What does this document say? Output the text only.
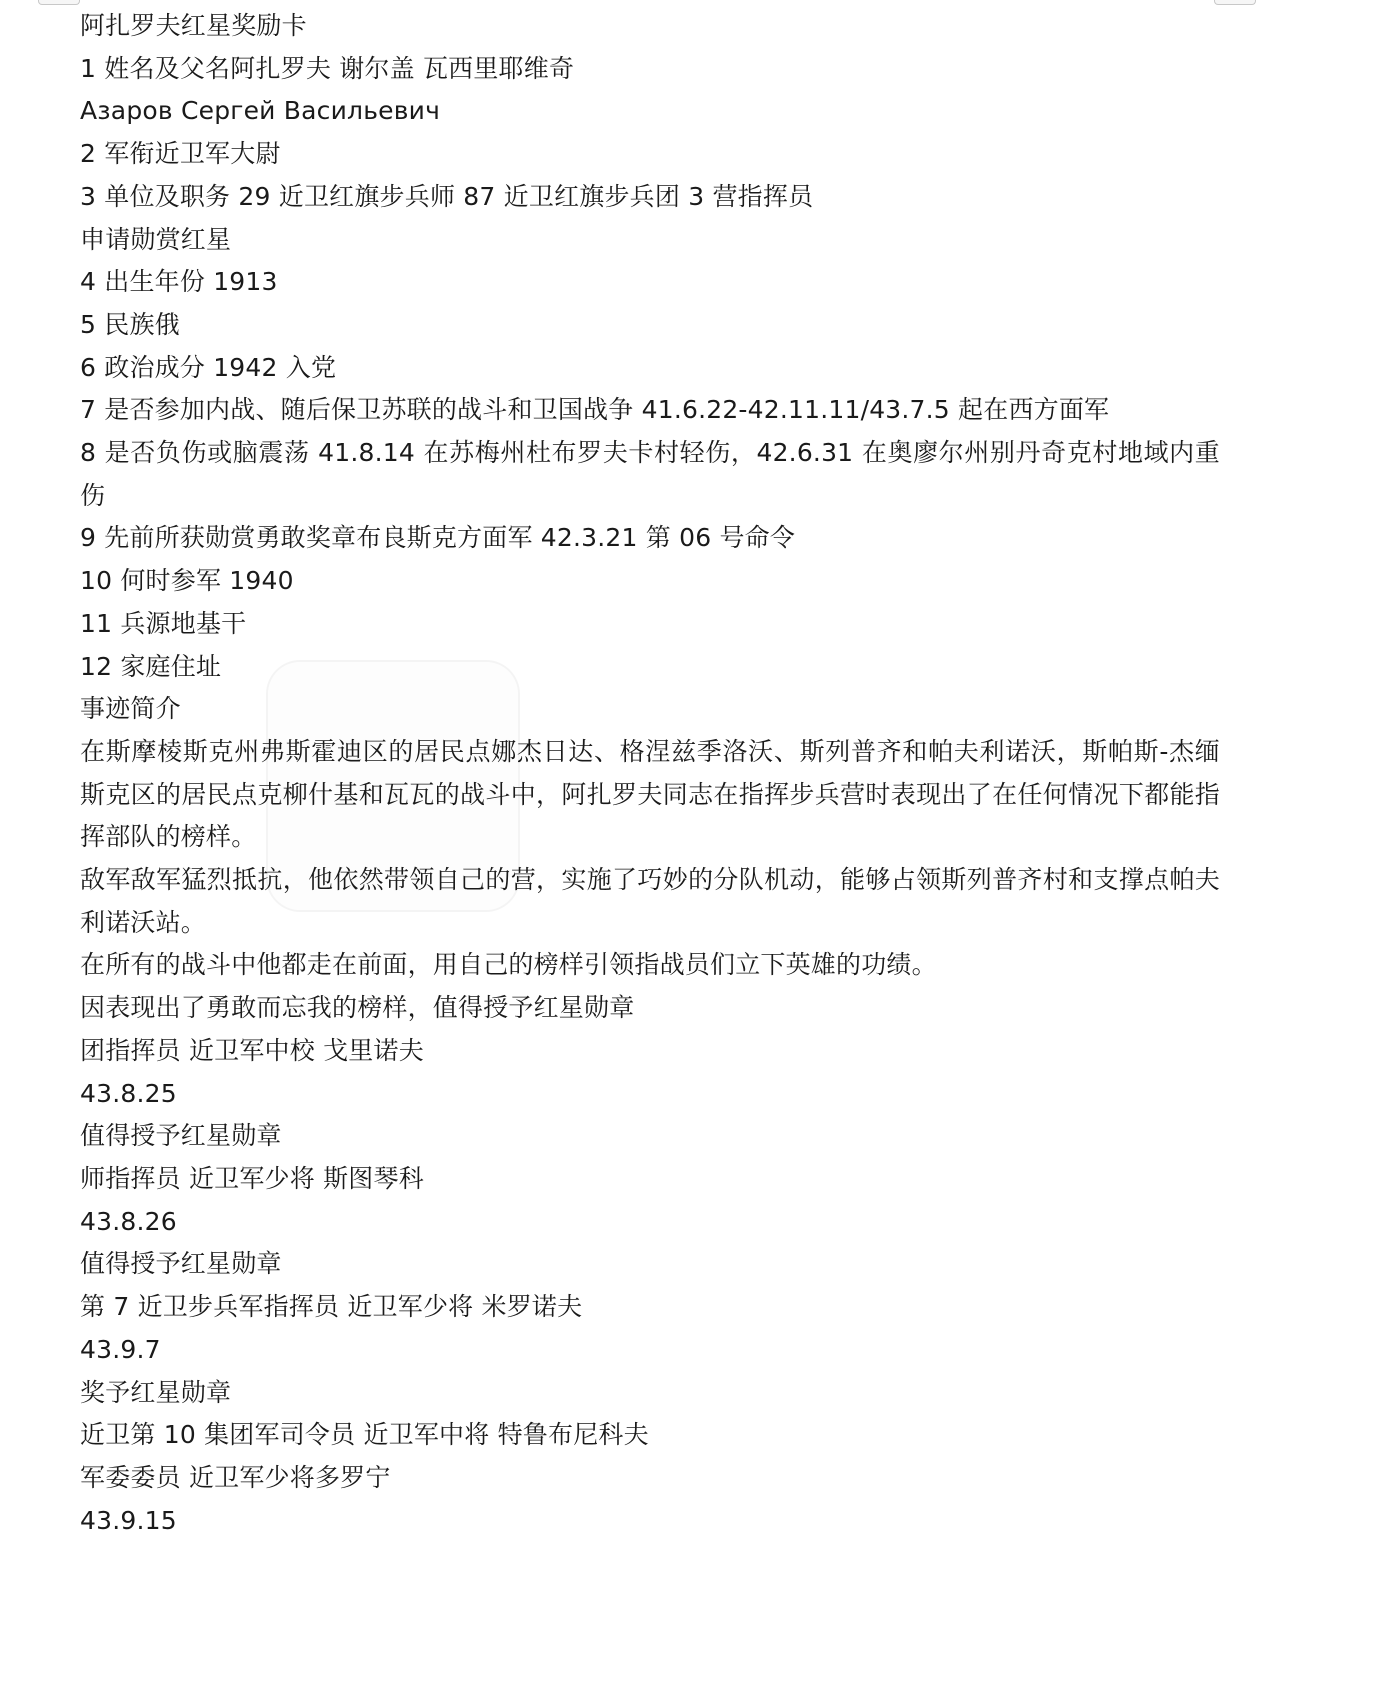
阿扎罗夫红星奖励卡
1 姓名及父名阿扎罗夫 谢尔盖 瓦西里耶维奇
Азаров Сергей Васильевич
2 军衔近卫军大尉
3 单位及职务 29 近卫红旗步兵师 87 近卫红旗步兵团 3 营指挥员
申请勋赏红星
4 出生年份 1913
5 民族俄
6 政治成分 1942 入党
7 是否参加内战、随后保卫苏联的战斗和卫国战争 41.6.22-42.11.11/43.7.5 起在西方面军
8 是否负伤或脑震荡 41.8.14 在苏梅州杜布罗夫卡村轻伤，42.6.31 在奥廖尔州别丹奇克村地域内重伤
9 先前所获勋赏勇敢奖章布良斯克方面军 42.3.21 第 06 号命令
10 何时参军 1940
11 兵源地基干
12 家庭住址
事迹简介
在斯摩棱斯克州弗斯霍迪区的居民点娜杰日达、格涅兹季洛沃、斯列普齐和帕夫利诺沃，斯帕斯-杰缅斯克区的居民点克柳什基和瓦瓦的战斗中，阿扎罗夫同志在指挥步兵营时表现出了在任何情况下都能指挥部队的榜样。
敌军敌军猛烈抵抗，他依然带领自己的营，实施了巧妙的分队机动，能够占领斯列普齐村和支撑点帕夫利诺沃站。
在所有的战斗中他都走在前面，用自己的榜样引领指战员们立下英雄的功绩。
因表现出了勇敢而忘我的榜样，值得授予红星勋章
团指挥员 近卫军中校 戈里诺夫
43.8.25
值得授予红星勋章
师指挥员 近卫军少将 斯图琴科
43.8.26
值得授予红星勋章
第 7 近卫步兵军指挥员 近卫军少将 米罗诺夫
43.9.7
奖予红星勋章
近卫第 10 集团军司令员 近卫军中将 特鲁布尼科夫
军委委员 近卫军少将多罗宁
43.9.15
